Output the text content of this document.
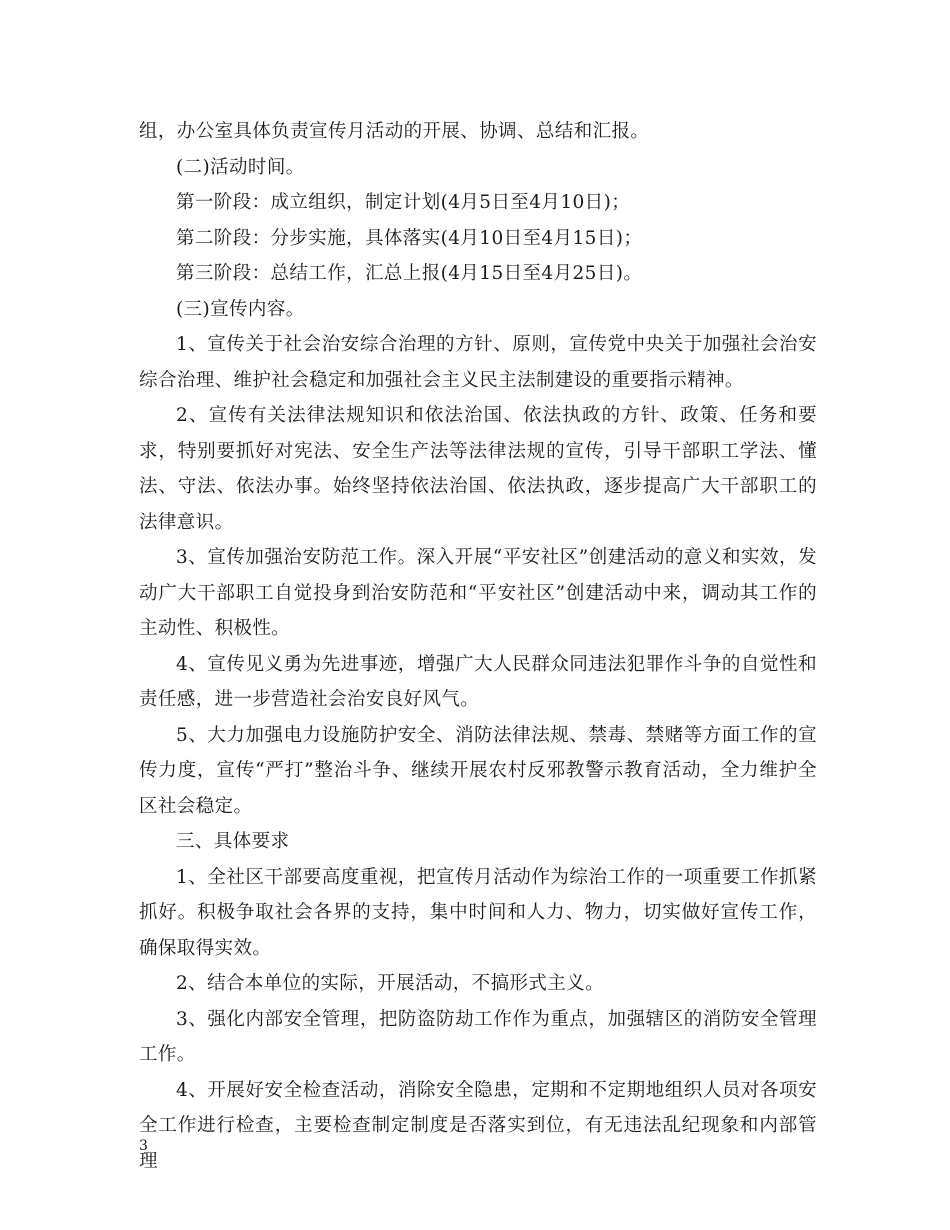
组，办公室具体负责宣传月活动的开展、协调、总结和汇报。

(二)活动时间。

第一阶段：成立组织，制定计划(4月5日至4月10日)；

第二阶段：分步实施，具体落实(4月10日至4月15日)；

第三阶段：总结工作，汇总上报(4月15日至4月25日)。

(三)宣传内容。

1、宣传关于社会治安综合治理的方针、原则，宣传党中央关于加强社会治安综合治理、维护社会稳定和加强社会主义民主法制建设的重要指示精神。

2、宣传有关法律法规知识和依法治国、依法执政的方针、政策、任务和要求，特别要抓好对宪法、安全生产法等法律法规的宣传，引导干部职工学法、懂法、守法、依法办事。始终坚持依法治国、依法执政，逐步提高广大干部职工的法律意识。

3、宣传加强治安防范工作。深入开展“平安社区”创建活动的意义和实效，发动广大干部职工自觉投身到治安防范和“平安社区”创建活动中来，调动其工作的主动性、积极性。

4、宣传见义勇为先进事迹，增强广大人民群众同违法犯罪作斗争的自觉性和责任感，进一步营造社会治安良好风气。

5、大力加强电力设施防护安全、消防法律法规、禁毒、禁赌等方面工作的宣传力度，宣传“严打”整治斗争、继续开展农村反邪教警示教育活动，全力维护全区社会稳定。

三、具体要求

1、全社区干部要高度重视，把宣传月活动作为综治工作的一项重要工作抓紧抓好。积极争取社会各界的支持，集中时间和人力、物力，切实做好宣传工作，确保取得实效。

2、结合本单位的实际，开展活动，不搞形式主义。

3、强化内部安全管理，把防盗防劫工作作为重点，加强辖区的消防安全管理工作。

4、开展好安全检查活动，消除安全隐患，定期和不定期地组织人员对各项安全工作进行检查，主要检查制定制度是否落实到位，有无违法乱纪现象和内部管理

3
